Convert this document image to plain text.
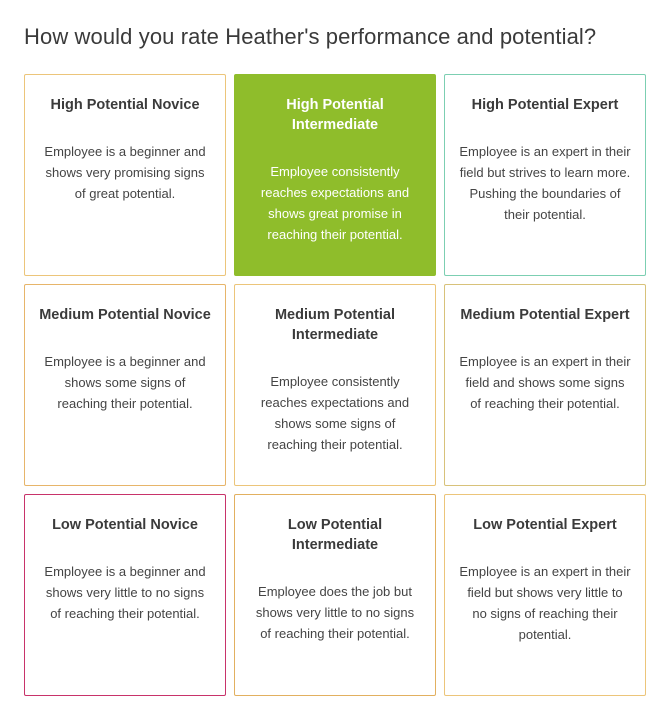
How would you rate Heather's performance and potential?
High Potential Novice

Employee is a beginner and shows very promising signs of great potential.

High Potential Intermediate

Employee consistently reaches expectations and shows great promise in reaching their potential.

High Potential Expert

Employee is an expert in their field but strives to learn more. Pushing the boundaries of their potential.

Medium Potential Novice

Employee is a beginner and shows some signs of reaching their potential.

Medium Potential Intermediate

Employee consistently reaches expectations and shows some signs of reaching their potential.

Medium Potential Expert

Employee is an expert in their field and shows some signs of reaching their potential.

Low Potential Novice

Employee is a beginner and shows very little to no signs of reaching their potential.

Low Potential Intermediate

Employee does the job but shows very little to no signs of reaching their potential.

Low Potential Expert

Employee is an expert in their field but shows very little to no signs of reaching their potential.
